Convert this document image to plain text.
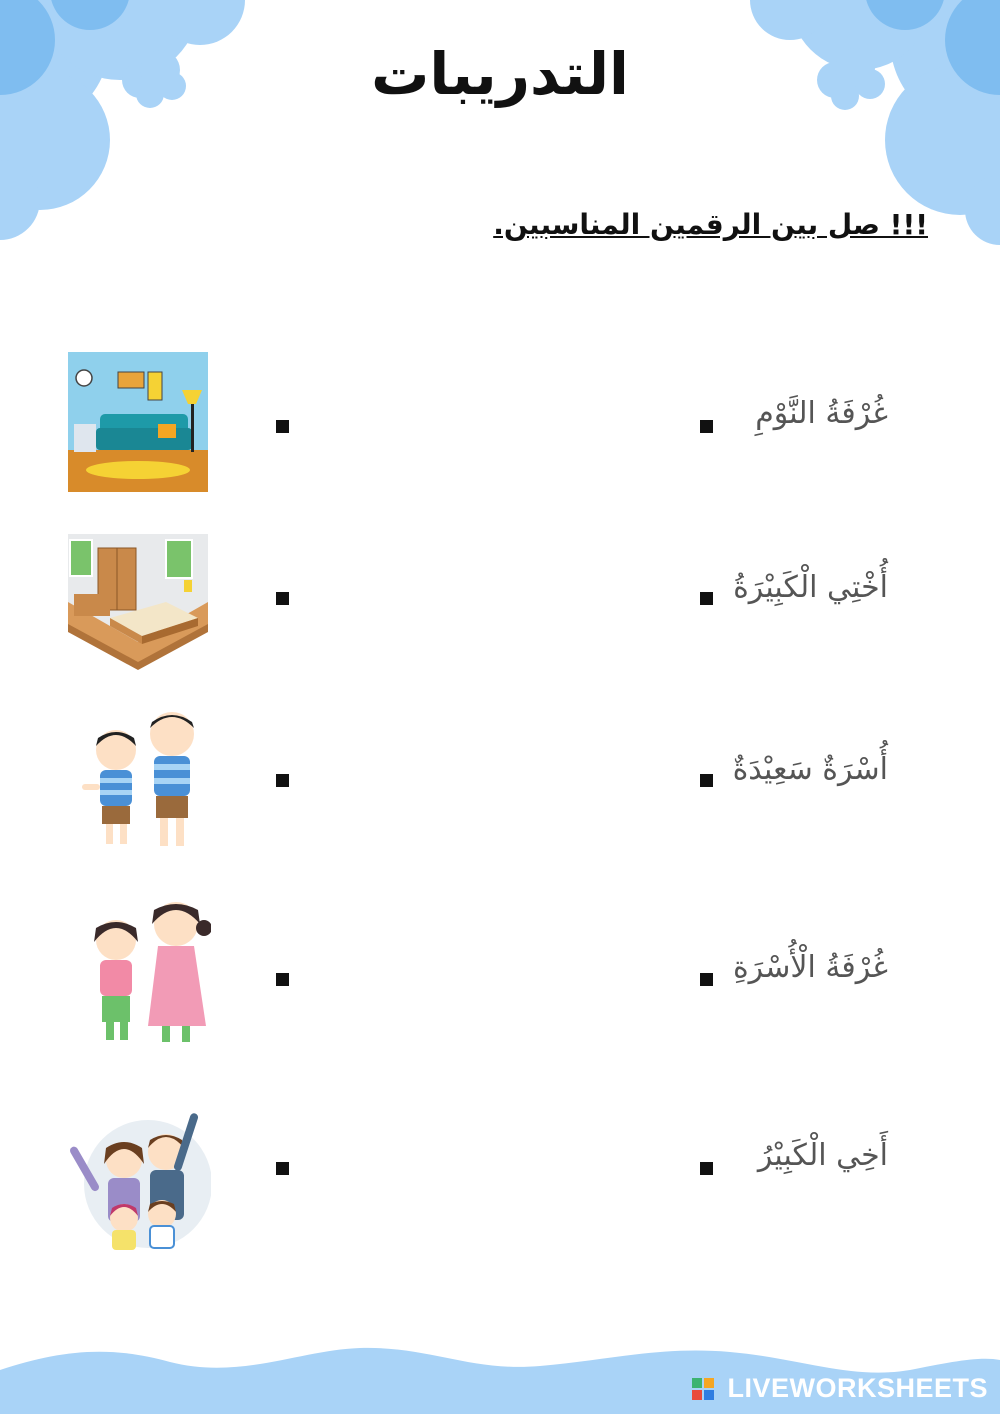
التدريبات
!!! صل بين الرقمين المناسبين.
غُرْفَةُ النَّوْمِ
أُخْتِي الْكَبِيْرَةُ
أُسْرَةٌ سَعِيْدَةٌ
غُرْفَةُ الْأُسْرَةِ
أَخِي الْكَبِيْرُ
LIVEWORKSHEETS
